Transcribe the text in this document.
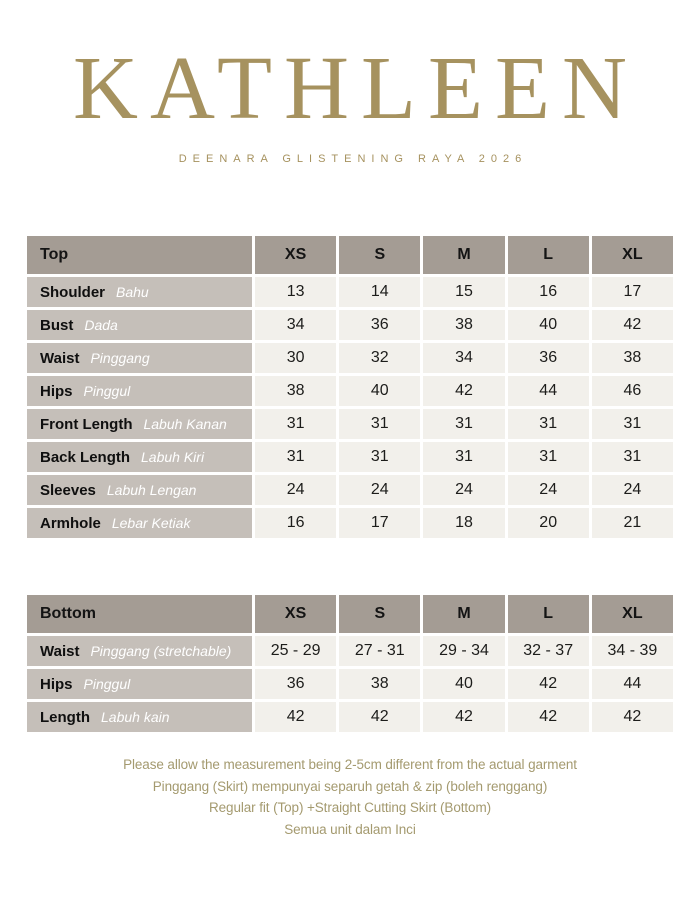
KATHLEEN
DEENARA GLISTENING RAYA 2026
Top	XS	S	M	L	XL
Shoulder Bahu	13	14	15	16	17
Bust Dada	34	36	38	40	42
Waist Pinggang	30	32	34	36	38
Hips Pinggul	38	40	42	44	46
Front Length Labuh Kanan	31	31	31	31	31
Back Length Labuh Kiri	31	31	31	31	31
Sleeves Labuh Lengan	24	24	24	24	24
Armhole Lebar Ketiak	16	17	18	20	21
Bottom	XS	S	M	L	XL
Waist Pinggang (stretchable)	25 - 29	27 - 31	29 - 34	32 - 37	34 - 39
Hips Pinggul	36	38	40	42	44
Length Labuh kain	42	42	42	42	42

Please allow the measurement being 2-5cm different from the actual garment

Pinggang (Skirt) mempunyai separuh getah & zip (boleh renggang)

Regular fit (Top) +Straight Cutting Skirt (Bottom)

Semua unit dalam Inci
